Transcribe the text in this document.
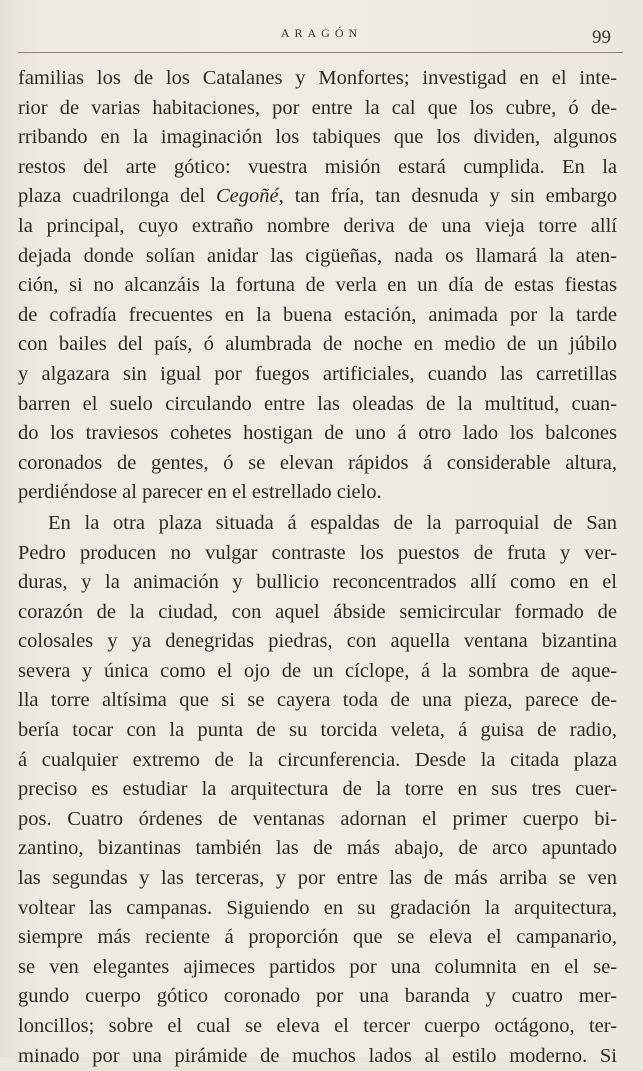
ARAGÓN	99
familias los de los Catalanes y Monfortes; investigad en el inte-
rior de varias habitaciones, por entre la cal que los cubre, ó de-
rribando en la imaginación los tabiques que los dividen, algunos
restos del arte gótico: vuestra misión estará cumplida. En la
plaza cuadrilonga del Cegoñé, tan fría, tan desnuda y sin embargo
la principal, cuyo extraño nombre deriva de una vieja torre allí
dejada donde solían anidar las cigüeñas, nada os llamará la aten-
ción, si no alcanzáis la fortuna de verla en un día de estas fiestas
de cofradía frecuentes en la buena estación, animada por la tarde
con bailes del país, ó alumbrada de noche en medio de un júbilo
y algazara sin igual por fuegos artificiales, cuando las carretillas
barren el suelo circulando entre las oleadas de la multitud, cuan-
do los traviesos cohetes hostigan de uno á otro lado los balcones
coronados de gentes, ó se elevan rápidos á considerable altura,
perdiéndose al parecer en el estrellado cielo.
En la otra plaza situada á espaldas de la parroquial de San
Pedro producen no vulgar contraste los puestos de fruta y ver-
duras, y la animación y bullicio reconcentrados allí como en el
corazón de la ciudad, con aquel ábside semicircular formado de
colosales y ya denegridas piedras, con aquella ventana bizantina
severa y única como el ojo de un cíclope, á la sombra de aque-
lla torre altísima que si se cayera toda de una pieza, parece de-
bería tocar con la punta de su torcida veleta, á guisa de radio,
á cualquier extremo de la circunferencia. Desde la citada plaza
preciso es estudiar la arquitectura de la torre en sus tres cuer-
pos. Cuatro órdenes de ventanas adornan el primer cuerpo bi-
zantino, bizantinas también las de más abajo, de arco apuntado
las segundas y las terceras, y por entre las de más arriba se ven
voltear las campanas. Siguiendo en su gradación la arquitectura,
siempre más reciente á proporción que se eleva el campanario,
se ven elegantes ajimeces partidos por una columnita en el se-
gundo cuerpo gótico coronado por una baranda y cuatro mer-
loncillos; sobre el cual se eleva el tercer cuerpo octágono, ter-
minado por una pirámide de muchos lados al estilo moderno. Si
